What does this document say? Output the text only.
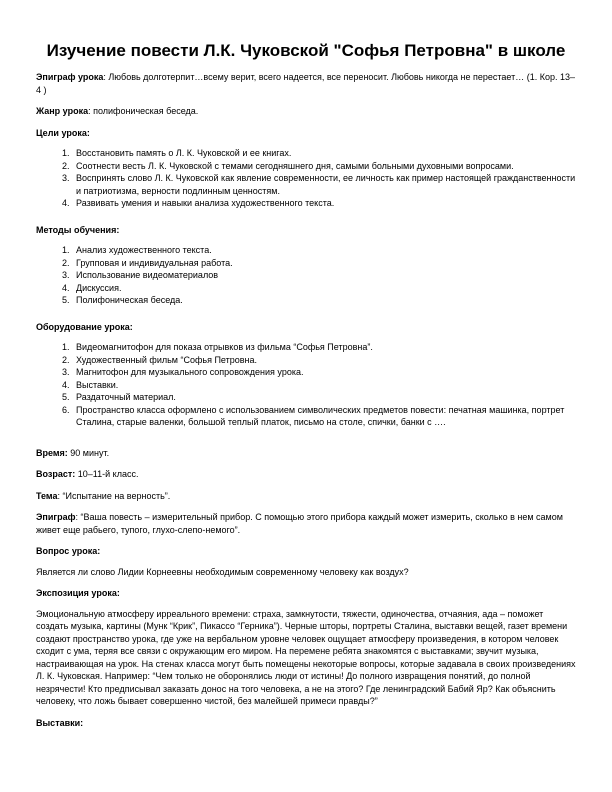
Изучение повести Л.К. Чуковской "Софья Петровна" в школе

Эпиграф урока: Любовь долготерпит…всему верит, всего надеется, все переносит. Любовь никогда не перестает… (1. Кор. 13–4 )

Жанр урока: полифоническая беседа.

Цели урока:

1. Восстановить память о Л. К. Чуковской и ее книгах.
2. Соотнести весть Л. К. Чуковской с темами сегодняшнего дня, самыми больными духовными вопросами.
3. Воспринять слово Л. К. Чуковской как явление современности, ее личность как пример настоящей гражданственности и патриотизма, верности подлинным ценностям.
4. Развивать умения и навыки анализа художественного текста.

Методы обучения:

1. Анализ художественного текста.
2. Групповая и индивидуальная работа.
3. Использование видеоматериалов
4. Дискуссия.
5. Полифоническая беседа.

Оборудование урока:

1. Видеомагнитофон для показа отрывков из фильма “Софья Петровна”.
2. Художественный фильм “Софья Петровна.
3. Магнитофон для музыкального сопровождения урока.
4. Выставки.
5. Раздаточный материал.
6. Пространство класса оформлено с использованием символических предметов повести: печатная машинка, портрет Сталина, старые валенки, большой теплый платок, письмо на столе, спички, банки с ….

Время: 90 минут.

Возраст: 10–11-й класс.

Тема: “Испытание на верность”.

Эпиграф: “Ваша повесть – измерительный прибор. С помощью этого прибора каждый может измерить, сколько в нем самом живет еще рабьего, тупого, глухо-слепо-немого”.

Вопрос урока:

Является ли слово Лидии Корнеевны необходимым современному человеку как воздух?

Экспозиция урока:

Эмоциональную атмосферу ирреального времени: страха, замкнутости, тяжести, одиночества, отчаяния, ада – поможет создать музыка, картины (Мунк “Крик”, Пикассо “Герника”). Черные шторы, портреты Сталина, выставки вещей, газет времени создают пространство урока, где уже на вербальном уровне человек ощущает атмосферу произведения, в котором человек сходит с ума, теряя все связи с окружающим его миром. На перемене ребята знакомятся с выставками; звучит музыка, настраивающая на урок. На стенах класса могут быть помещены некоторые вопросы, которые задавала в своих произведениях Л. К. Чуковская. Например: “Чем только не оборонялись люди от истины! До полного извращения понятий, до полной незрячести! Кто предписывал заказать донос на того человека, а не на этого? Где ленинградский Бабий Яр? Как объяснить человеку, что ложь бывает совершенно чистой, без малейшей примеси правды?”

Выставки:
